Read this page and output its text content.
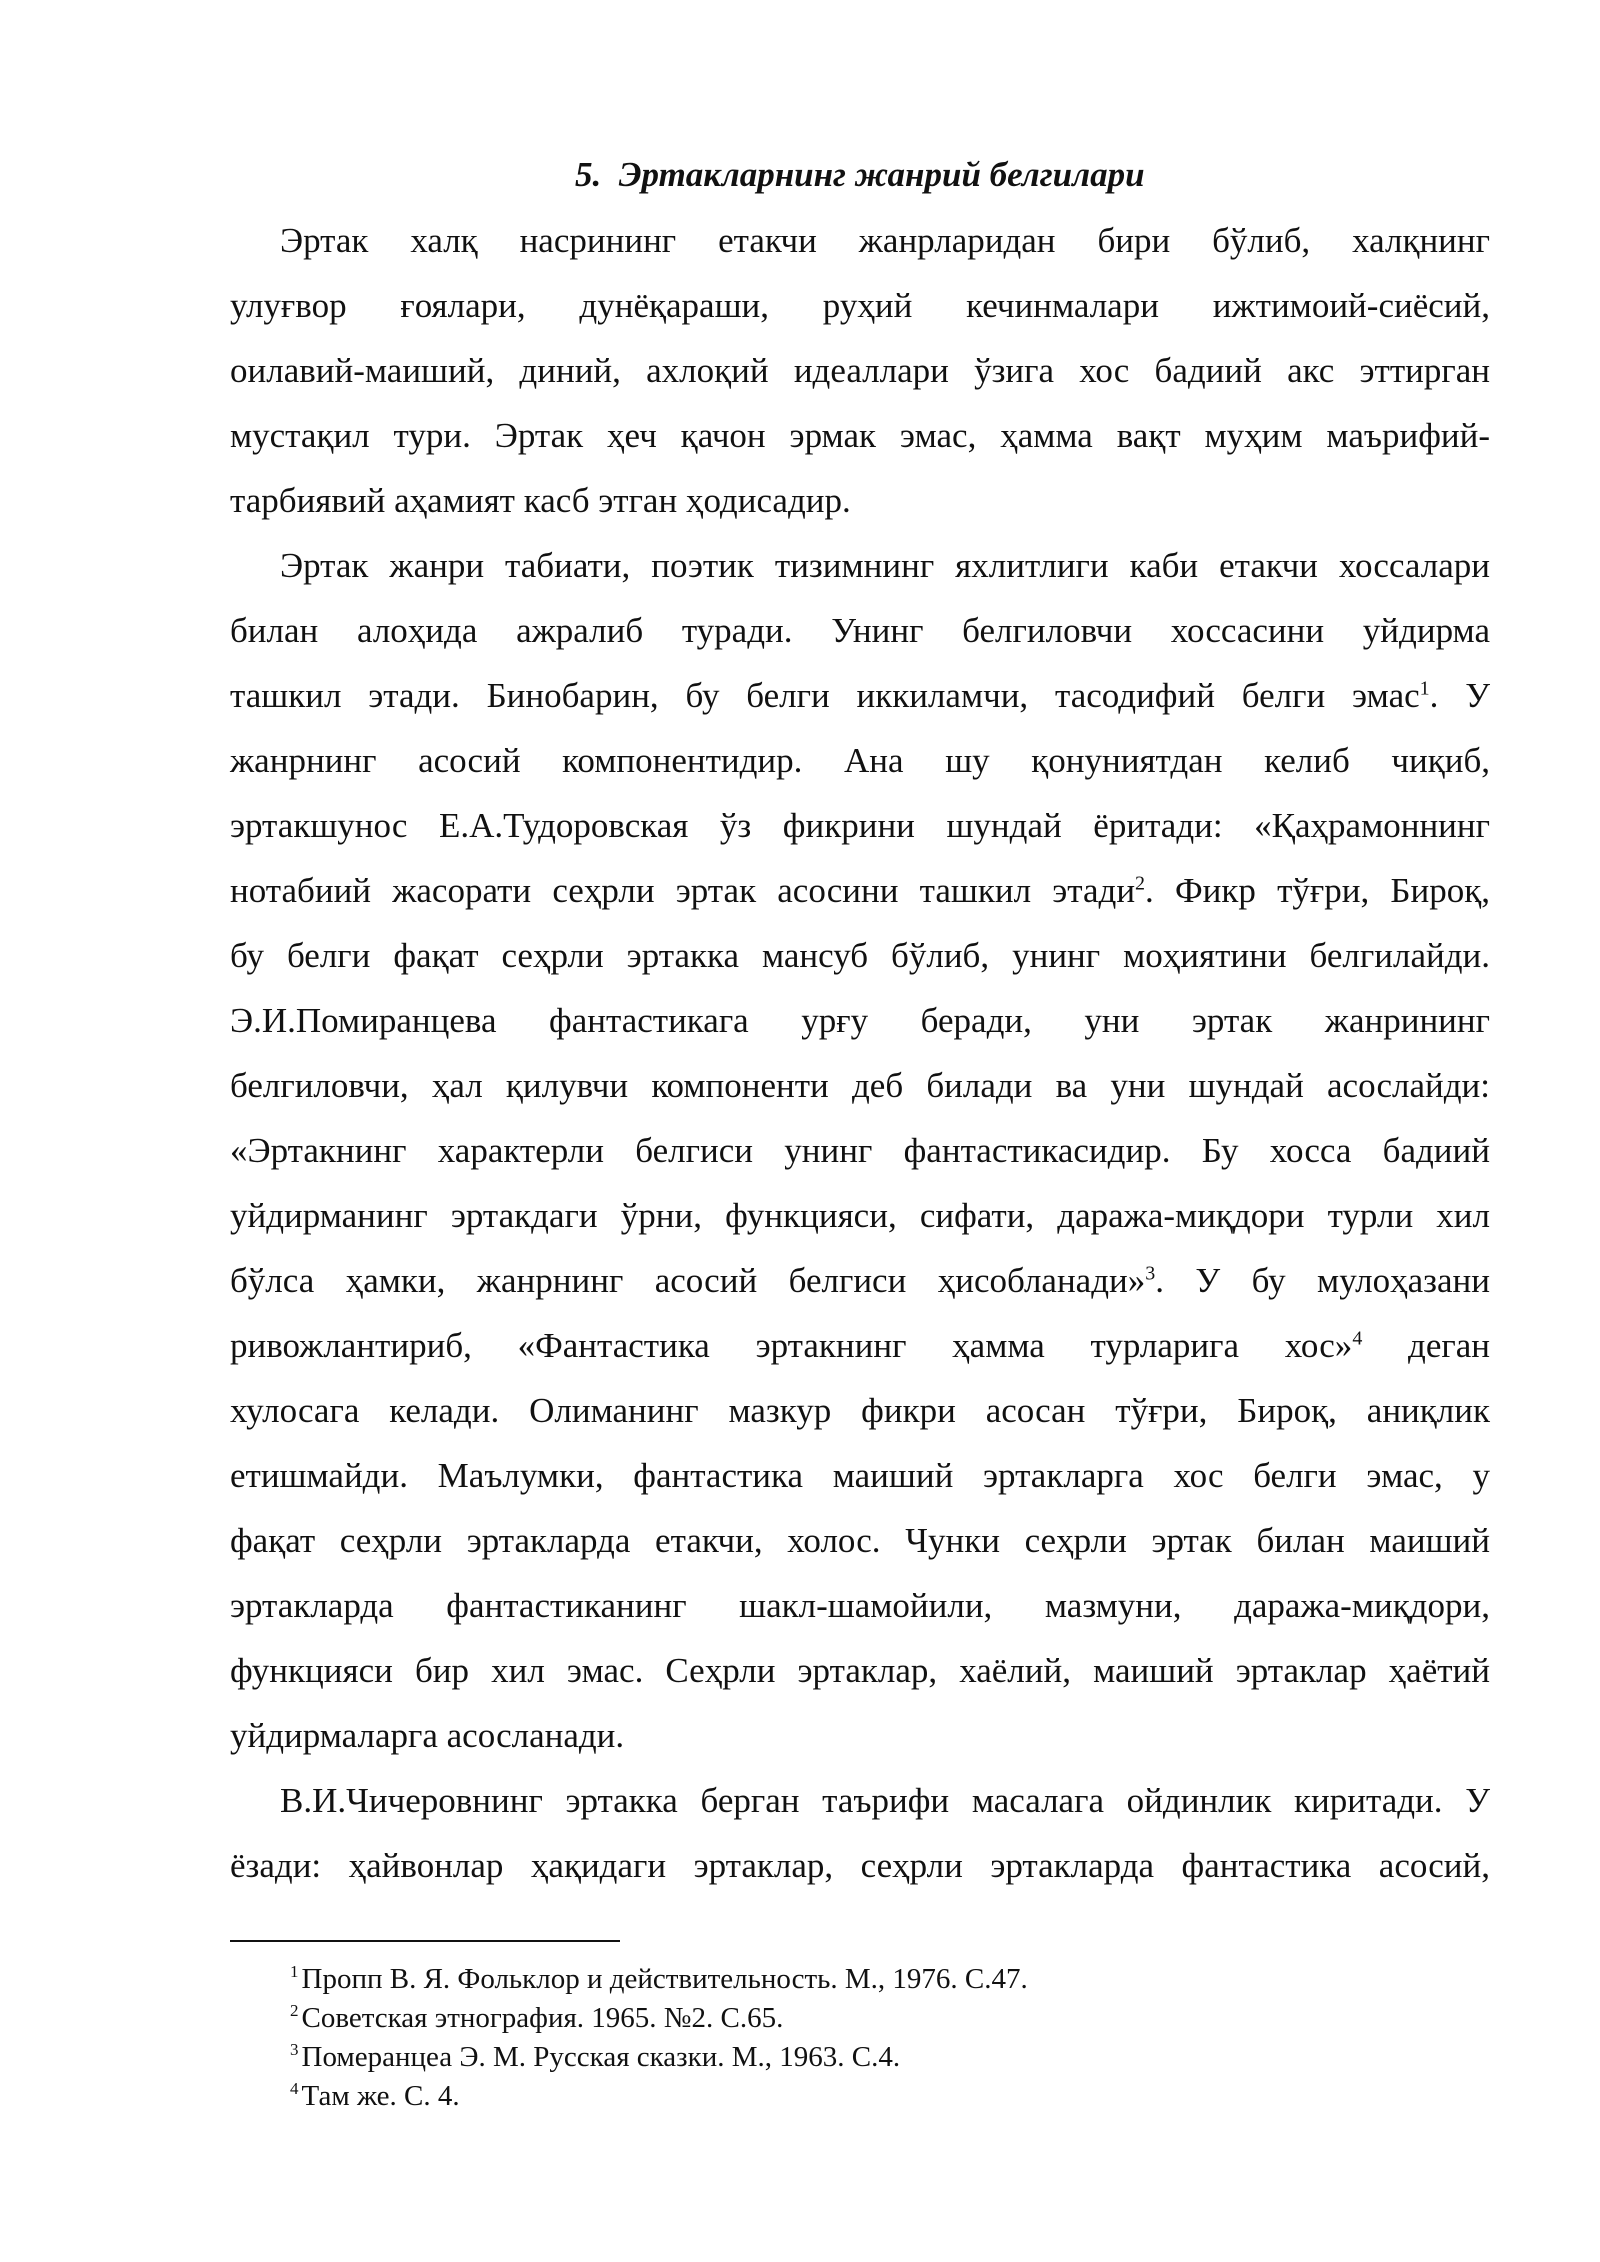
5. Эртакларнинг жанрий белгилари
Эртак халқ насрининг етакчи жанрларидан бири бўлиб, халқнинг
улуғвор ғоялари, дунёқараши, руҳий кечинмалари ижтимоий-сиёсий,
оилавий-маиший, диний, ахлоқий идеаллари ўзига хос бадиий акс эттирган
мустақил тури. Эртак ҳеч қачон эрмак эмас, ҳамма вақт муҳим маърифий-
тарбиявий аҳамият касб этган ҳодисадир.
Эртак жанри табиати, поэтик тизимнинг яхлитлиги каби етакчи хоссалари
билан алоҳида ажралиб туради. Унинг белгиловчи хоссасини уйдирма
ташкил этади. Бинобарин, бу белги иккиламчи, тасодифий белги эмас$^1$. У
жанрнинг асосий компонентидир. Ана шу қонуниятдан келиб чиқиб,
эртакшунос Е.А.Тудоровская ўз фикрини шундай ёритади: «Қаҳрамоннинг
нотабиий жасорати сеҳрли эртак асосини ташкил этади$^2$. Фикр тўғри, Бироқ,
бу белги фақат сеҳрли эртакка мансуб бўлиб, унинг моҳиятини белгилайди.
Э.И.Помиранцева фантастикага урғу беради, уни эртак жанрининг
белгиловчи, ҳал қилувчи компоненти деб билади ва уни шундай асослайди:
«Эртакнинг характерли белгиси унинг фантастикасидир. Бу хосса бадиий
уйдирманинг эртакдаги ўрни, функцияси, сифати, даража-миқдори турли хил
бўлса ҳамки, жанрнинг асосий белгиси ҳисобланади»$^3$. У бу мулоҳазани
ривожлантириб, «Фантастика эртакнинг ҳамма турларига хос»$^4$ деган
хулосага келади. Олиманинг мазкур фикри асосан тўғри, Бироқ, аниқлик
етишмайди. Маълумки, фантастика маиший эртакларга хос белги эмас, у
фақат сеҳрли эртакларда етакчи, холос. Чунки сеҳрли эртак билан маиший
эртакларда фантастиканинг шакл-шамойили, мазмуни, даража-миқдори,
функцияси бир хил эмас. Сеҳрли эртаклар, хаёлий, маиший эртаклар ҳаётий
уйдирмаларга асосланади.
В.И.Чичеровнинг эртакка берган таърифи масалага ойдинлик киритади. У
ёзади: ҳайвонлар ҳақидаги эртаклар, сеҳрли эртакларда фантастика асосий,
$^1$ Пропп В. Я. Фольклор и действительность. М., 1976. С.47.
$^2$ Советская этнография. 1965. №2. С.65.
$^3$ Померанцеа Э. М. Русская сказки. М., 1963. С.4.
$^4$ Там же. С. 4.
